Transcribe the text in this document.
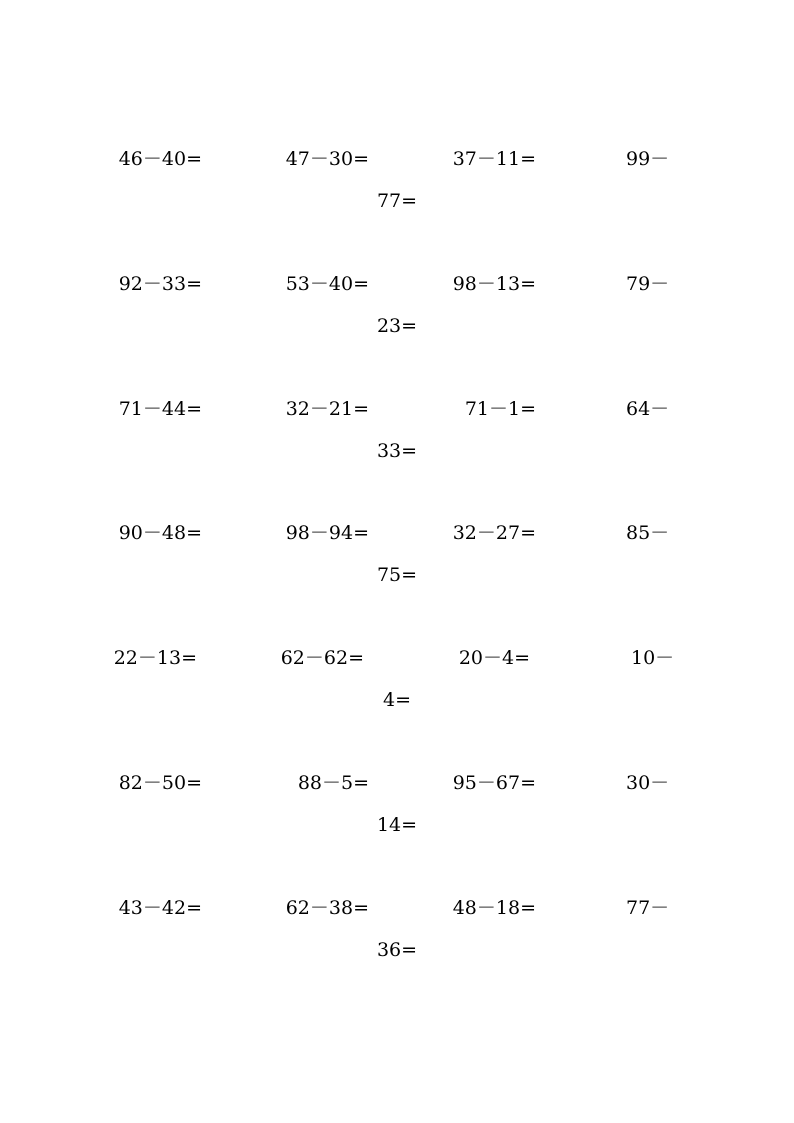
46－40=	47－30=	37－11=	99－
77=
92－33=	53－40=	98－13=	79－
23=
71－44=	32－21=	71－1=	64－
33=
90－48=	98－94=	32－27=	85－
75=
22－13=	62－62=	20－4=	10－
4=
82－50=	88－5=	95－67=	30－
14=
43－42=	62－38=	48－18=	77－
36=
